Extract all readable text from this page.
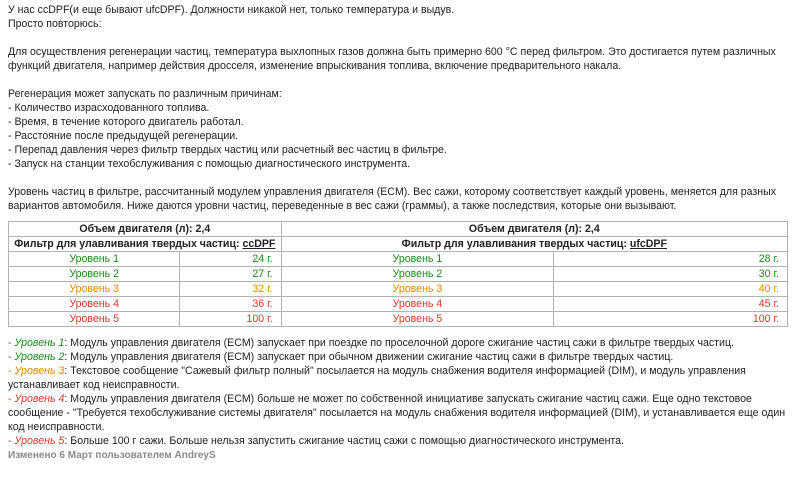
У нас ccDPF(и еще бывают ufcDPF). Должности никакой нет, только температура и выдув.

Просто повторюсь:

Для осуществления регенерации частиц, температура выхлопных газов должна быть примерно 600 °C перед фильтром. Это достигается путем различных функций двигателя, например действия дросселя, изменение впрыскивания топлива, включение предварительного накала.

Регенерация может запускать по различным причинам:

- Количество израсходованного топлива.

- Время, в течение которого двигатель работал.

- Расстояние после предыдущей регенерации.

- Перепад давления через фильтр твердых частиц или расчетный вес частиц в фильтре.

- Запуск на станции техобслуживания с помощью диагностического инструмента.

Уровень частиц в фильтре, рассчитанный модулем управления двигателя (ECM). Вес сажи, которому соответствует каждый уровень, меняется для разных вариантов автомобиля. Ниже даются уровни частиц, переведенные в вес сажи (граммы), а также последствия, которые они вызывают.

Объем двигателя (л): 2,4		Объем двигателя (л): 2,4	
Фильтр для улавливания твердых частиц: ccDPF		Фильтр для улавливания твердых частиц: ufcDPF	
Уровень 1	24 г.	Уровень 1	28 г.
Уровень 2	27 г.	Уровень 2	30 г.
Уровень 3	32 г.	Уровень 3	40 г.
Уровень 4	36 г.	Уровень 4	45 г.
Уровень 5	100 г.	Уровень 5	100 г.

- Уровень 1: Модуль управления двигателя (ECM) запускает при поездке по проселочной дороге сжигание частиц сажи в фильтре твердых частиц.

- Уровень 2: Модуль управления двигателя (ECM) запускает при обычном движении сжигание частиц сажи в фильтре твердых частиц.

- Уровень 3: Текстовое сообщение "Сажевый фильтр полный" посылается на модуль снабжения водителя информацией (DIM), и модуль управления устанавливает код неисправности.

- Уровень 4: Модуль управления двигателя (ECM) больше не может по собственной инициативе запускать сжигание частиц сажи. Еще одно текстовое сообщение - "Требуется техобслуживание системы двигателя" посылается на модуль снабжения водителя информацией (DIM), и устанавливается еще один код неисправности.

- Уровень 5: Больше 100 г сажи. Больше нельзя запустить сжигание частиц сажи с помощью диагностического инструмента.

Изменено 6 Март пользователем AndreyS
